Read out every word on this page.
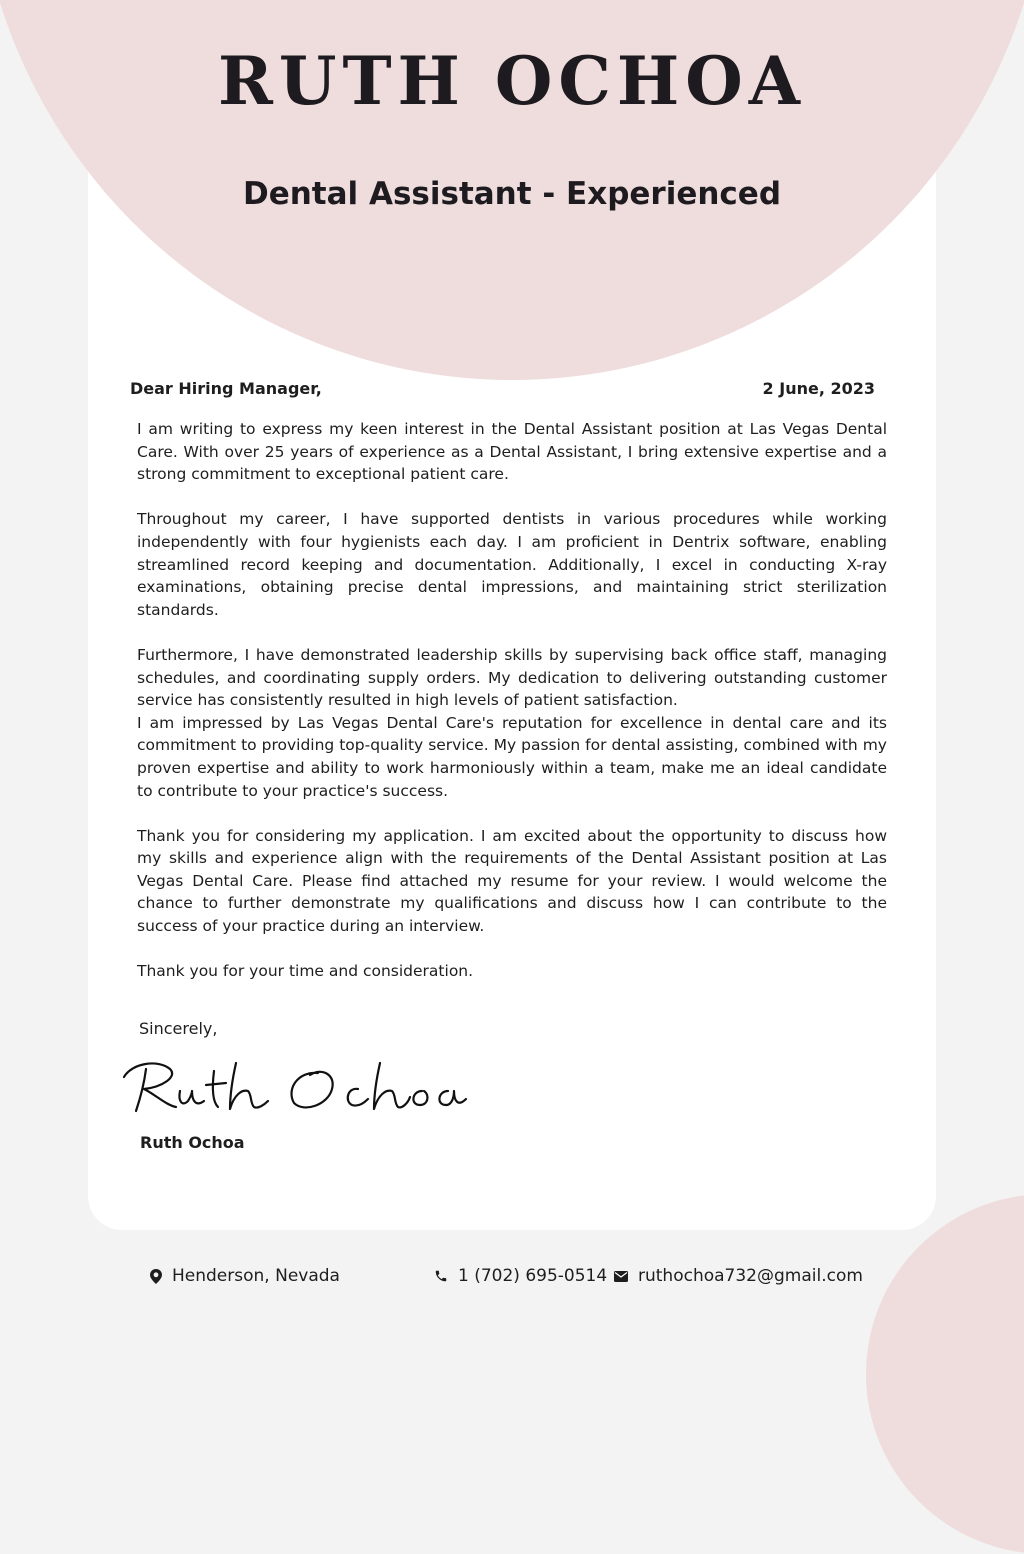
RUTH OCHOA
Dental Assistant - Experienced
Dear Hiring Manager,	2 June, 2023

I am writing to express my keen interest in the Dental Assistant position at Las Vegas Dental Care. With over 25 years of experience as a Dental Assistant, I bring extensive expertise and a strong commitment to exceptional patient care.

Throughout my career, I have supported dentists in various procedures while working independently with four hygienists each day. I am proficient in Dentrix software, enabling streamlined record keeping and documentation. Additionally, I excel in conducting X-ray examinations, obtaining precise dental impressions, and maintaining strict sterilization standards.

Furthermore, I have demonstrated leadership skills by supervising back office staff, managing schedules, and coordinating supply orders. My dedication to delivering outstanding customer service has consistently resulted in high levels of patient satisfaction.

I am impressed by Las Vegas Dental Care's reputation for excellence in dental care and its commitment to providing top-quality service. My passion for dental assisting, combined with my proven expertise and ability to work harmoniously within a team, make me an ideal candidate to contribute to your practice's success.

Thank you for considering my application. I am excited about the opportunity to discuss how my skills and experience align with the requirements of the Dental Assistant position at Las Vegas Dental Care. Please find attached my resume for your review. I would welcome the chance to further demonstrate my qualifications and discuss how I can contribute to the success of your practice during an interview.

Thank you for your time and consideration.

Sincerely,
Ruth Ochoa
Henderson, Nevada	1 (702) 695-0514 ruthochoa732@gmail.com
